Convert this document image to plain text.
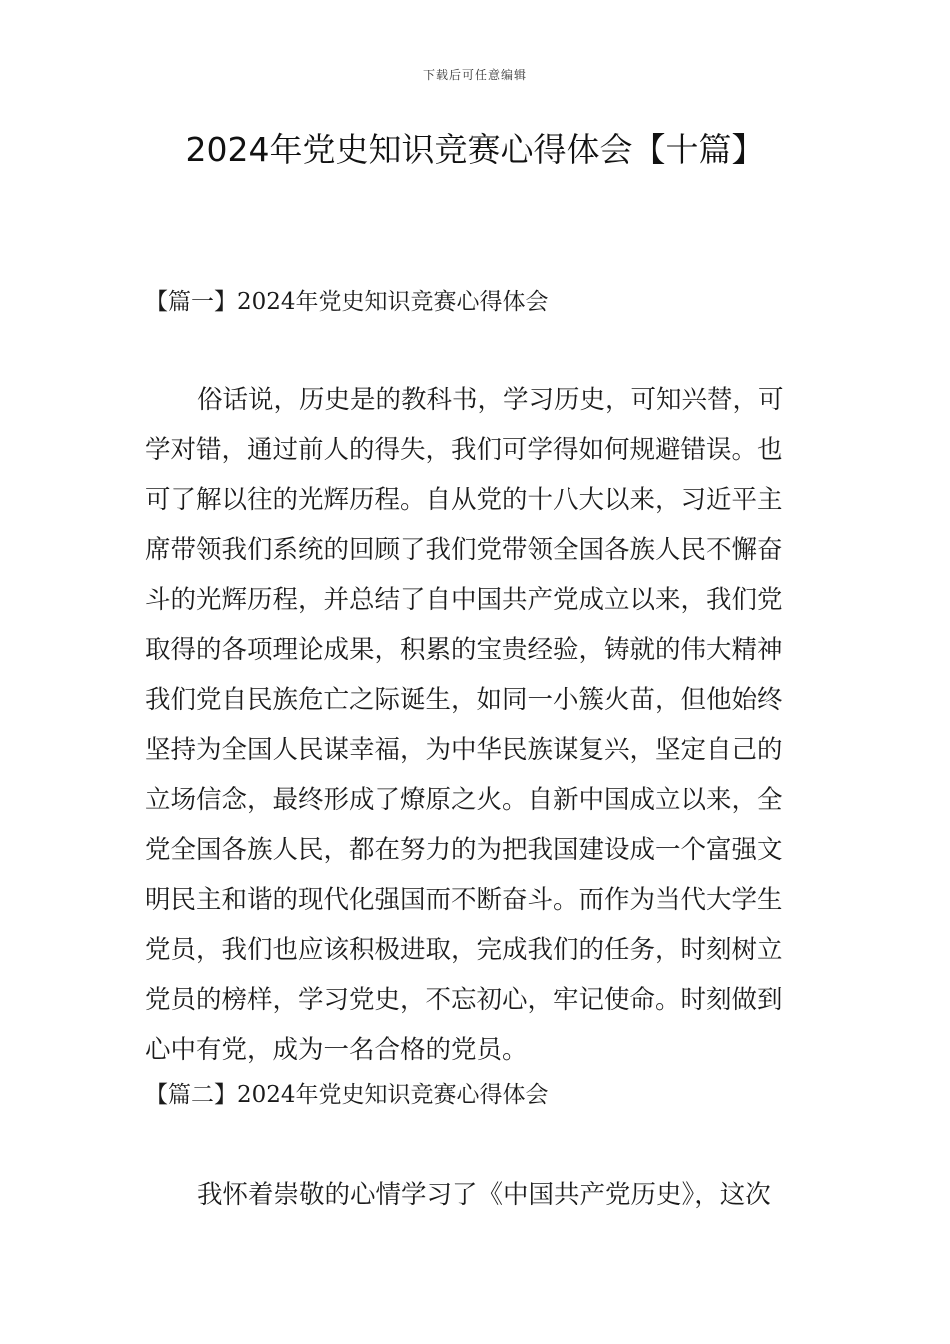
下载后可任意编辑
2024年党史知识竞赛心得体会【十篇】
【篇一】2024年党史知识竞赛心得体会
俗话说，历史是的教科书，学习历史，可知兴替，可
学对错，通过前人的得失，我们可学得如何规避错误。也
可了解以往的光辉历程。自从党的十八大以来，习近平主
席带领我们系统的回顾了我们党带领全国各族人民不懈奋
斗的光辉历程，并总结了自中国共产党成立以来，我们党
取得的各项理论成果，积累的宝贵经验，铸就的伟大精神
我们党自民族危亡之际诞生，如同一小簇火苗，但他始终
坚持为全国人民谋幸福，为中华民族谋复兴，坚定自己的
立场信念，最终形成了燎原之火。自新中国成立以来，全
党全国各族人民，都在努力的为把我国建设成一个富强文
明民主和谐的现代化强国而不断奋斗。而作为当代大学生
党员，我们也应该积极进取，完成我们的任务，时刻树立
党员的榜样，学习党史，不忘初心，牢记使命。时刻做到
心中有党，成为一名合格的党员。
【篇二】2024年党史知识竞赛心得体会
我怀着崇敬的心情学习了《中国共产党历史》，这次
